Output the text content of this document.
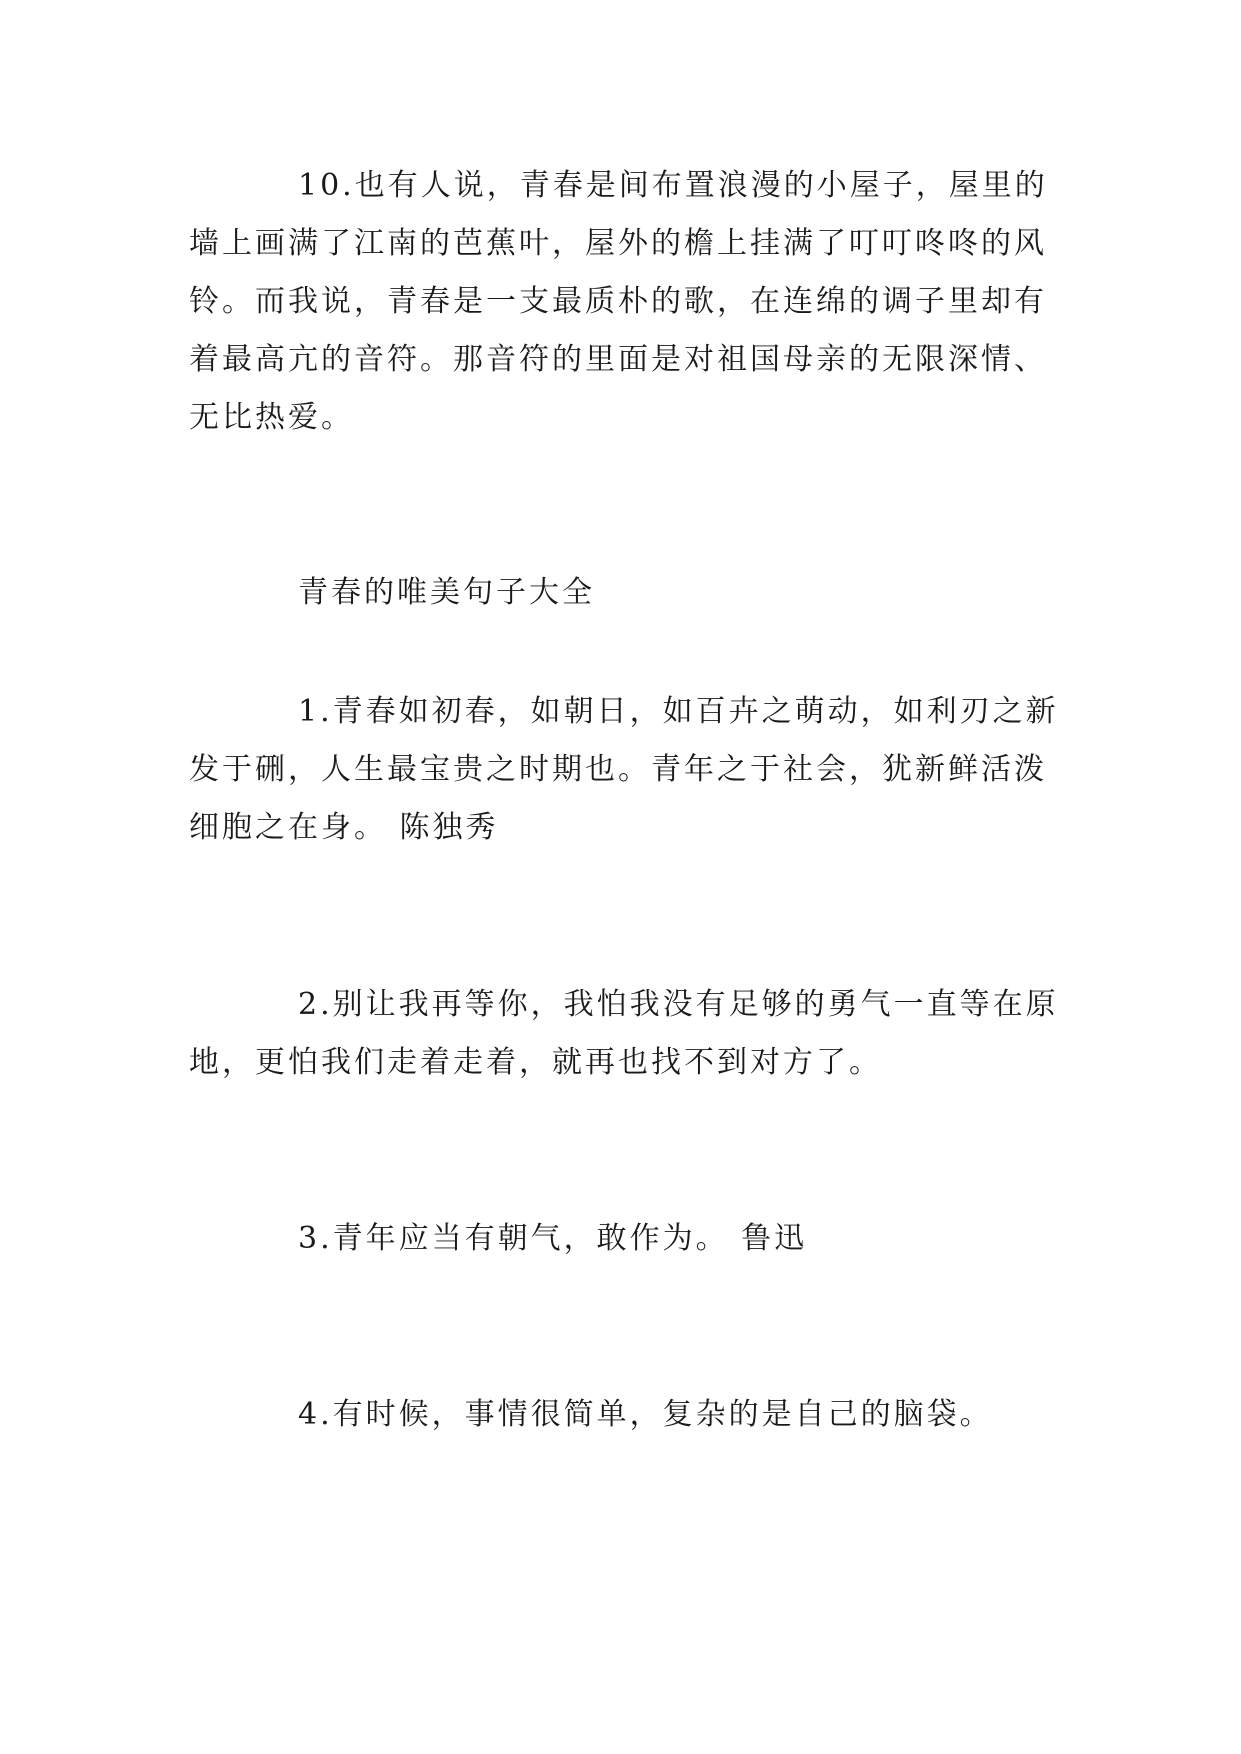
10.也有人说，青春是间布置浪漫的小屋子，屋里的

墙上画满了江南的芭蕉叶，屋外的檐上挂满了叮叮咚咚的风

铃。而我说，青春是一支最质朴的歌，在连绵的调子里却有

着最高亢的音符。那音符的里面是对祖国母亲的无限深情、

无比热爱。

青春的唯美句子大全

1.青春如初春，如朝日，如百卉之萌动，如利刃之新

发于硎，人生最宝贵之时期也。青年之于社会，犹新鲜活泼

细胞之在身。 陈独秀

2.别让我再等你，我怕我没有足够的勇气一直等在原

地，更怕我们走着走着，就再也找不到对方了。

3.青年应当有朝气，敢作为。 鲁迅

4.有时候，事情很简单，复杂的是自己的脑袋。
